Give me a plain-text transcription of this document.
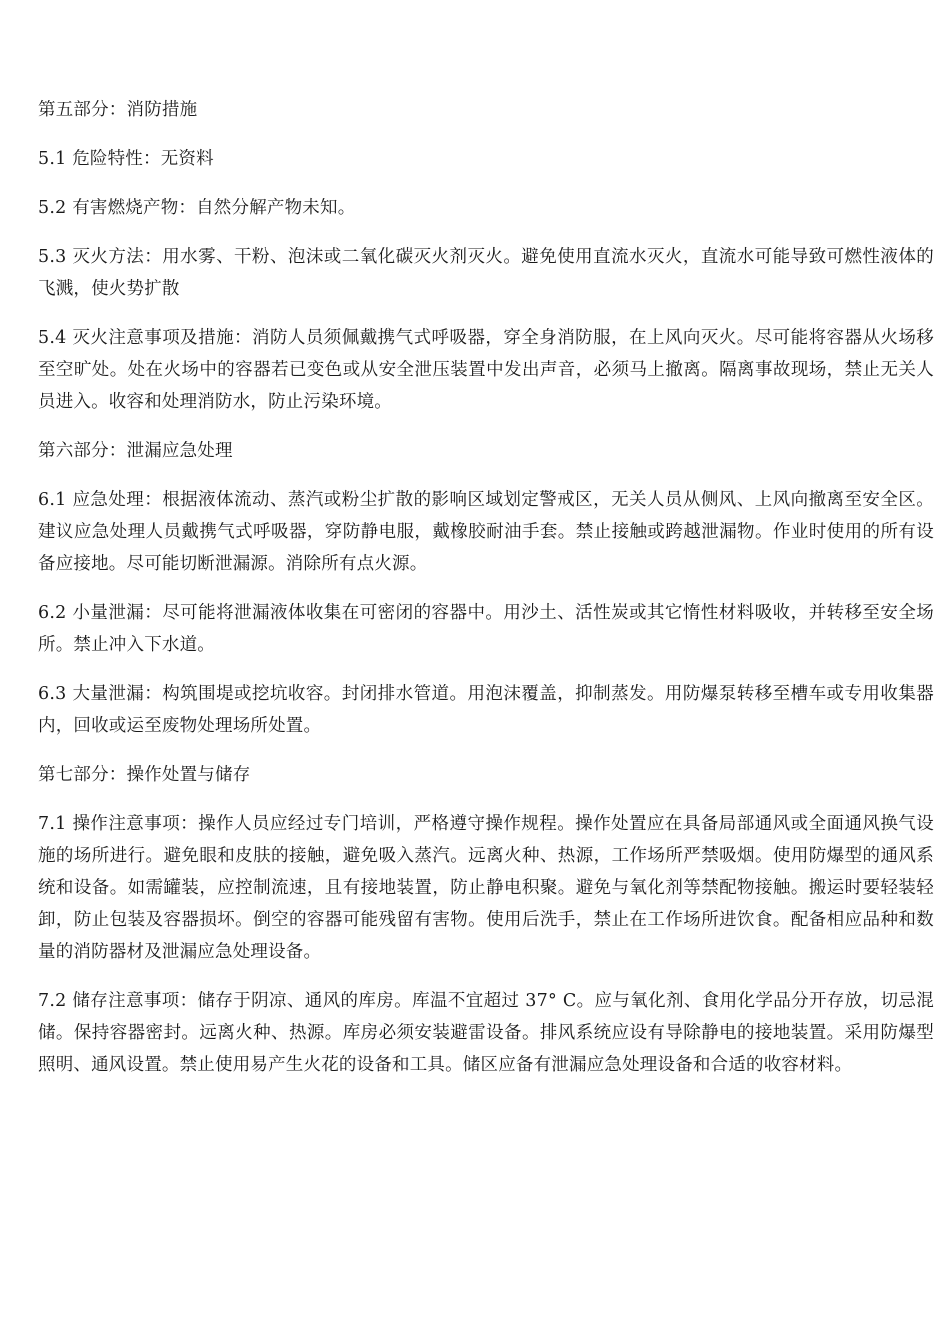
第五部分：消防措施

5.1 危险特性：无资料

5.2 有害燃烧产物：自然分解产物未知。

5.3 灭火方法：用水雾、干粉、泡沫或二氧化碳灭火剂灭火。避免使用直流水灭火，直流水可能导致可燃性液体的飞溅，使火势扩散

5.4 灭火注意事项及措施：消防人员须佩戴携气式呼吸器，穿全身消防服，在上风向灭火。尽可能将容器从火场移至空旷处。处在火场中的容器若已变色或从安全泄压装置中发出声音，必须马上撤离。隔离事故现场，禁止无关人员进入。收容和处理消防水，防止污染环境。

第六部分：泄漏应急处理

6.1 应急处理：根据液体流动、蒸汽或粉尘扩散的影响区域划定警戒区，无关人员从侧风、上风向撤离至安全区。建议应急处理人员戴携气式呼吸器，穿防静电服，戴橡胶耐油手套。禁止接触或跨越泄漏物。作业时使用的所有设备应接地。尽可能切断泄漏源。消除所有点火源。

6.2 小量泄漏：尽可能将泄漏液体收集在可密闭的容器中。用沙土、活性炭或其它惰性材料吸收，并转移至安全场所。禁止冲入下水道。

6.3 大量泄漏：构筑围堤或挖坑收容。封闭排水管道。用泡沫覆盖，抑制蒸发。用防爆泵转移至槽车或专用收集器内，回收或运至废物处理场所处置。

第七部分：操作处置与储存

7.1 操作注意事项：操作人员应经过专门培训，严格遵守操作规程。操作处置应在具备局部通风或全面通风换气设施的场所进行。避免眼和皮肤的接触，避免吸入蒸汽。远离火种、热源，工作场所严禁吸烟。使用防爆型的通风系统和设备。如需罐装，应控制流速，且有接地装置，防止静电积聚。避免与氧化剂等禁配物接触。搬运时要轻装轻卸，防止包装及容器损坏。倒空的容器可能残留有害物。使用后洗手，禁止在工作场所进饮食。配备相应品种和数量的消防器材及泄漏应急处理设备。

7.2 储存注意事项：储存于阴凉、通风的库房。库温不宜超过 37° C。应与氧化剂、食用化学品分开存放，切忌混储。保持容器密封。远离火种、热源。库房必须安装避雷设备。排风系统应设有导除静电的接地装置。采用防爆型照明、通风设置。禁止使用易产生火花的设备和工具。储区应备有泄漏应急处理设备和合适的收容材料。
